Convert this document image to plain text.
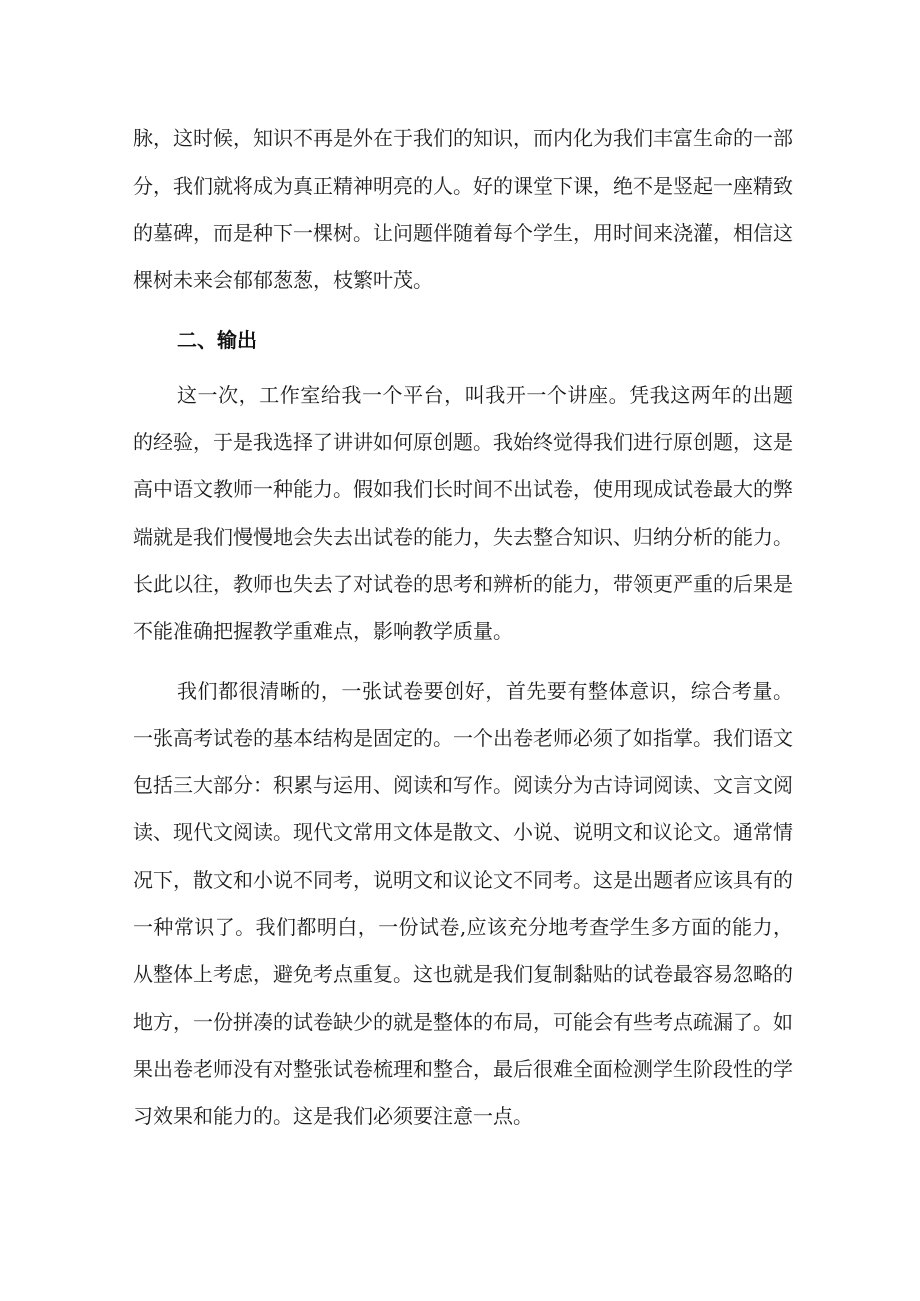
脉，这时候，知识不再是外在于我们的知识，而内化为我们丰富生命的一部

分，我们就将成为真正精神明亮的人。好的课堂下课，绝不是竖起一座精致

的墓碑，而是种下一棵树。让问题伴随着每个学生，用时间来浇灌，相信这

棵树未来会郁郁葱葱，枝繁叶茂。

二、输出

这一次，工作室给我一个平台，叫我开一个讲座。凭我这两年的出题

的经验，于是我选择了讲讲如何原创题。我始终觉得我们进行原创题，这是

高中语文教师一种能力。假如我们长时间不出试卷，使用现成试卷最大的弊

端就是我们慢慢地会失去出试卷的能力，失去整合知识、归纳分析的能力。

长此以往，教师也失去了对试卷的思考和辨析的能力，带领更严重的后果是

不能准确把握教学重难点，影响教学质量。

我们都很清晰的，一张试卷要创好，首先要有整体意识，综合考量。

一张高考试卷的基本结构是固定的。一个出卷老师必须了如指掌。我们语文

包括三大部分：积累与运用、阅读和写作。阅读分为古诗词阅读、文言文阅

读、现代文阅读。现代文常用文体是散文、小说、说明文和议论文。通常情

况下，散文和小说不同考，说明文和议论文不同考。这是出题者应该具有的

一种常识了。我们都明白，一份试卷,应该充分地考查学生多方面的能力，

从整体上考虑，避免考点重复。这也就是我们复制黏贴的试卷最容易忽略的

地方，一份拼凑的试卷缺少的就是整体的布局，可能会有些考点疏漏了。如

果出卷老师没有对整张试卷梳理和整合，最后很难全面检测学生阶段性的学

习效果和能力的。这是我们必须要注意一点。
